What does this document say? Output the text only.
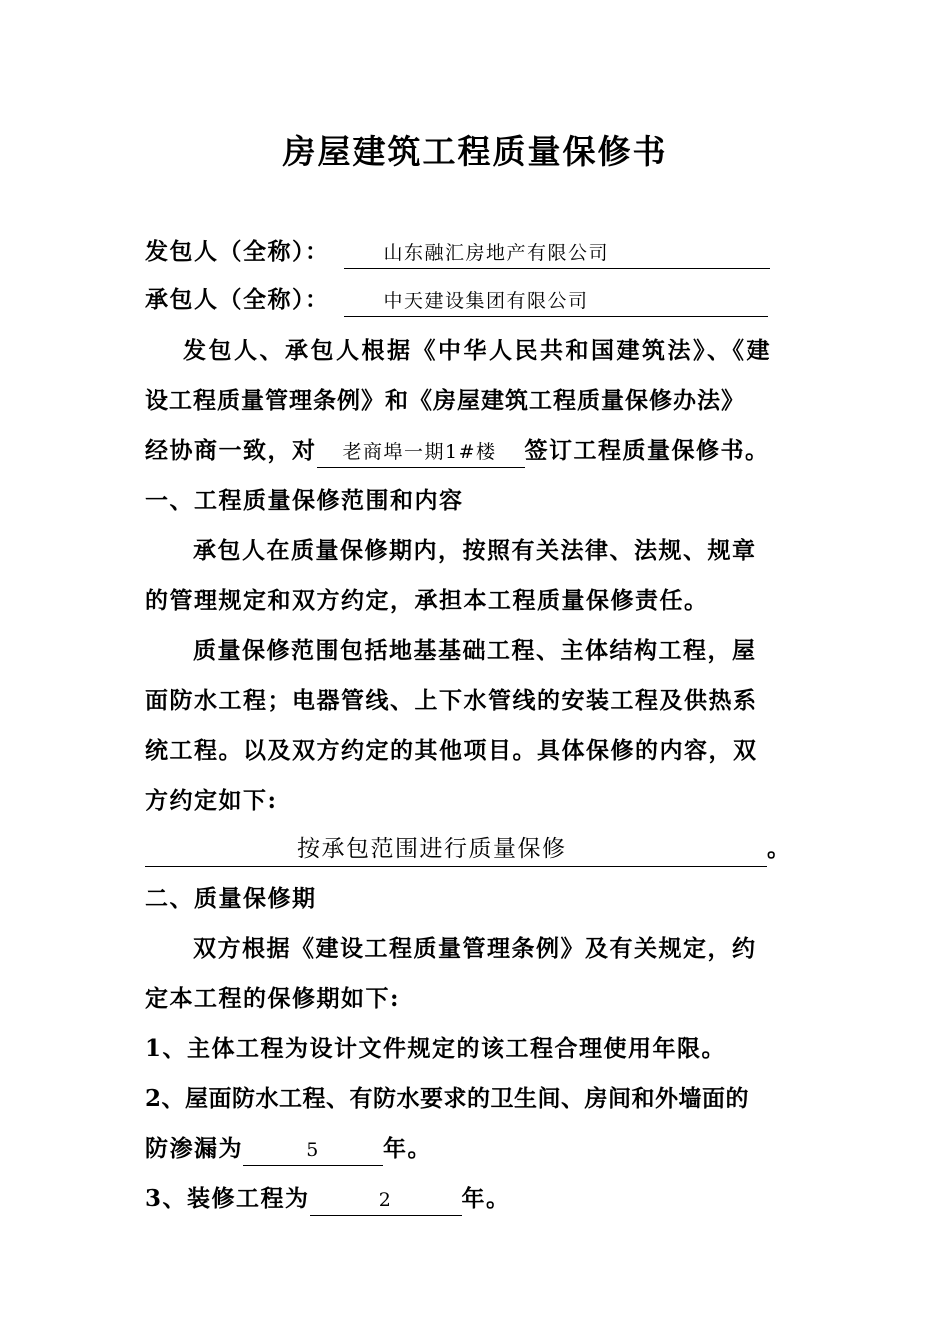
房屋建筑工程质量保修书
发包人（全称）：	山东融汇房地产有限公司
承包人（全称）：	中天建设集团有限公司
发包人、承包人根据《中华人民共和国建筑法》、《建
设工程质量管理条例》和《房屋建筑工程质量保修办法》
经协商一致，对 老商埠一期1#楼 签订工程质量保修书。
一、工程质量保修范围和内容
承包人在质量保修期内，按照有关法律、法规、规章
的管理规定和双方约定，承担本工程质量保修责任。
质量保修范围包括地基基础工程、主体结构工程，屋
面防水工程；电器管线、上下水管线的安装工程及供热系
统工程。以及双方约定的其他项目。具体保修的内容，双
方约定如下:
按承包范围进行质量保修	。
二、质量保修期
双方根据《建设工程质量管理条例》及有关规定，约
定本工程的保修期如下:
1、主体工程为设计文件规定的该工程合理使用年限。
2、屋面防水工程、有防水要求的卫生间、房间和外墙面的
防渗漏为	5	年。
3、装修工程为	2	年。
